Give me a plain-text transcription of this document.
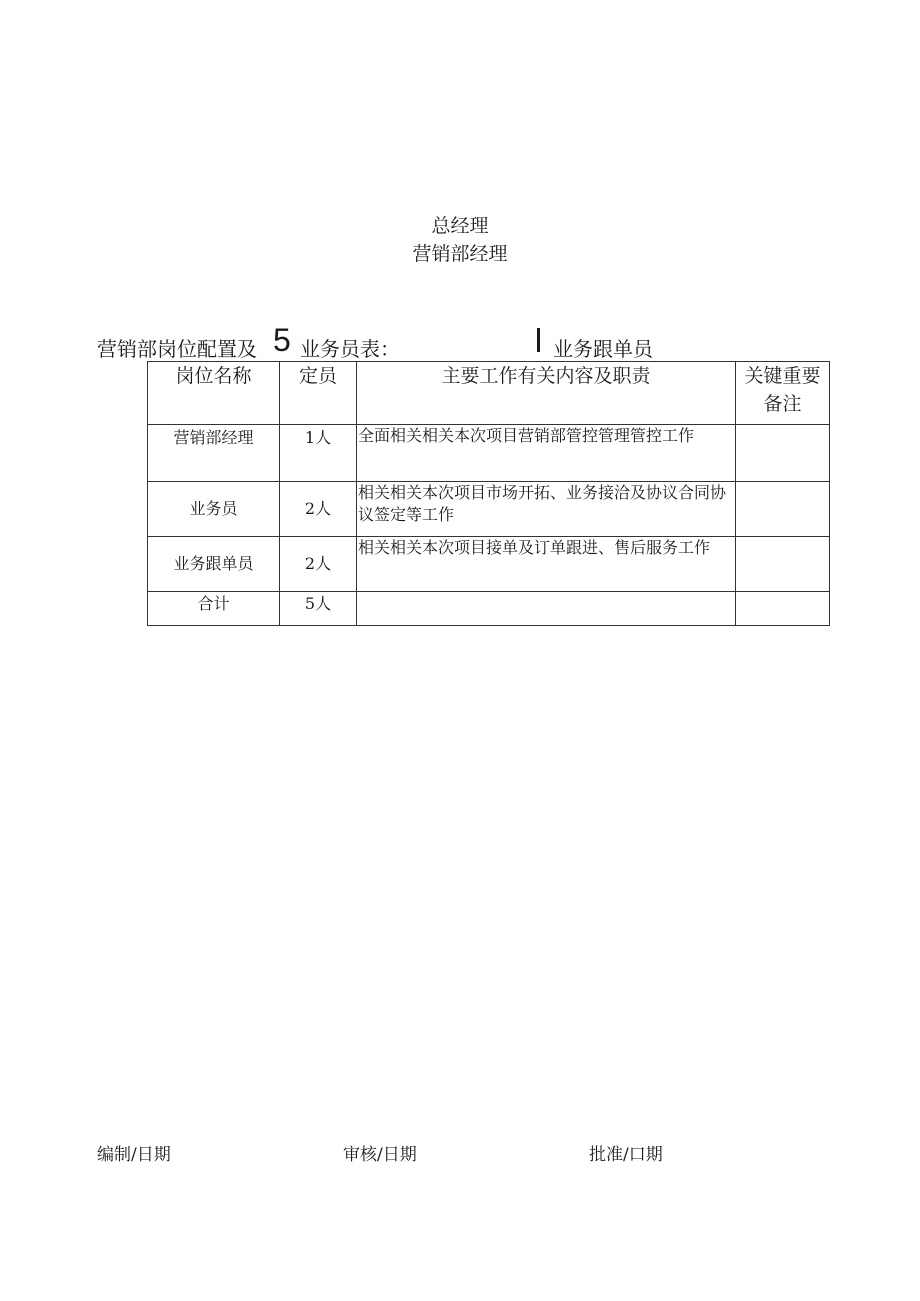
总经理
营销部经理
营销部岗位配置及 5 业务员表：	业务跟单员
岗位名称	定员	主要工作有关内容及职责	关键重要备注
营销部经理	1人	全面相关相关本次项目营销部管控管理管控工作	
业务员	2人	相关相关本次项目市场开拓、业务接洽及协议合同协议签定等工作	
业务跟单员	2人	相关相关本次项目接单及订单跟进、售后服务工作	
合计	5人		
编制/日期	审核/日期	批准/口期
